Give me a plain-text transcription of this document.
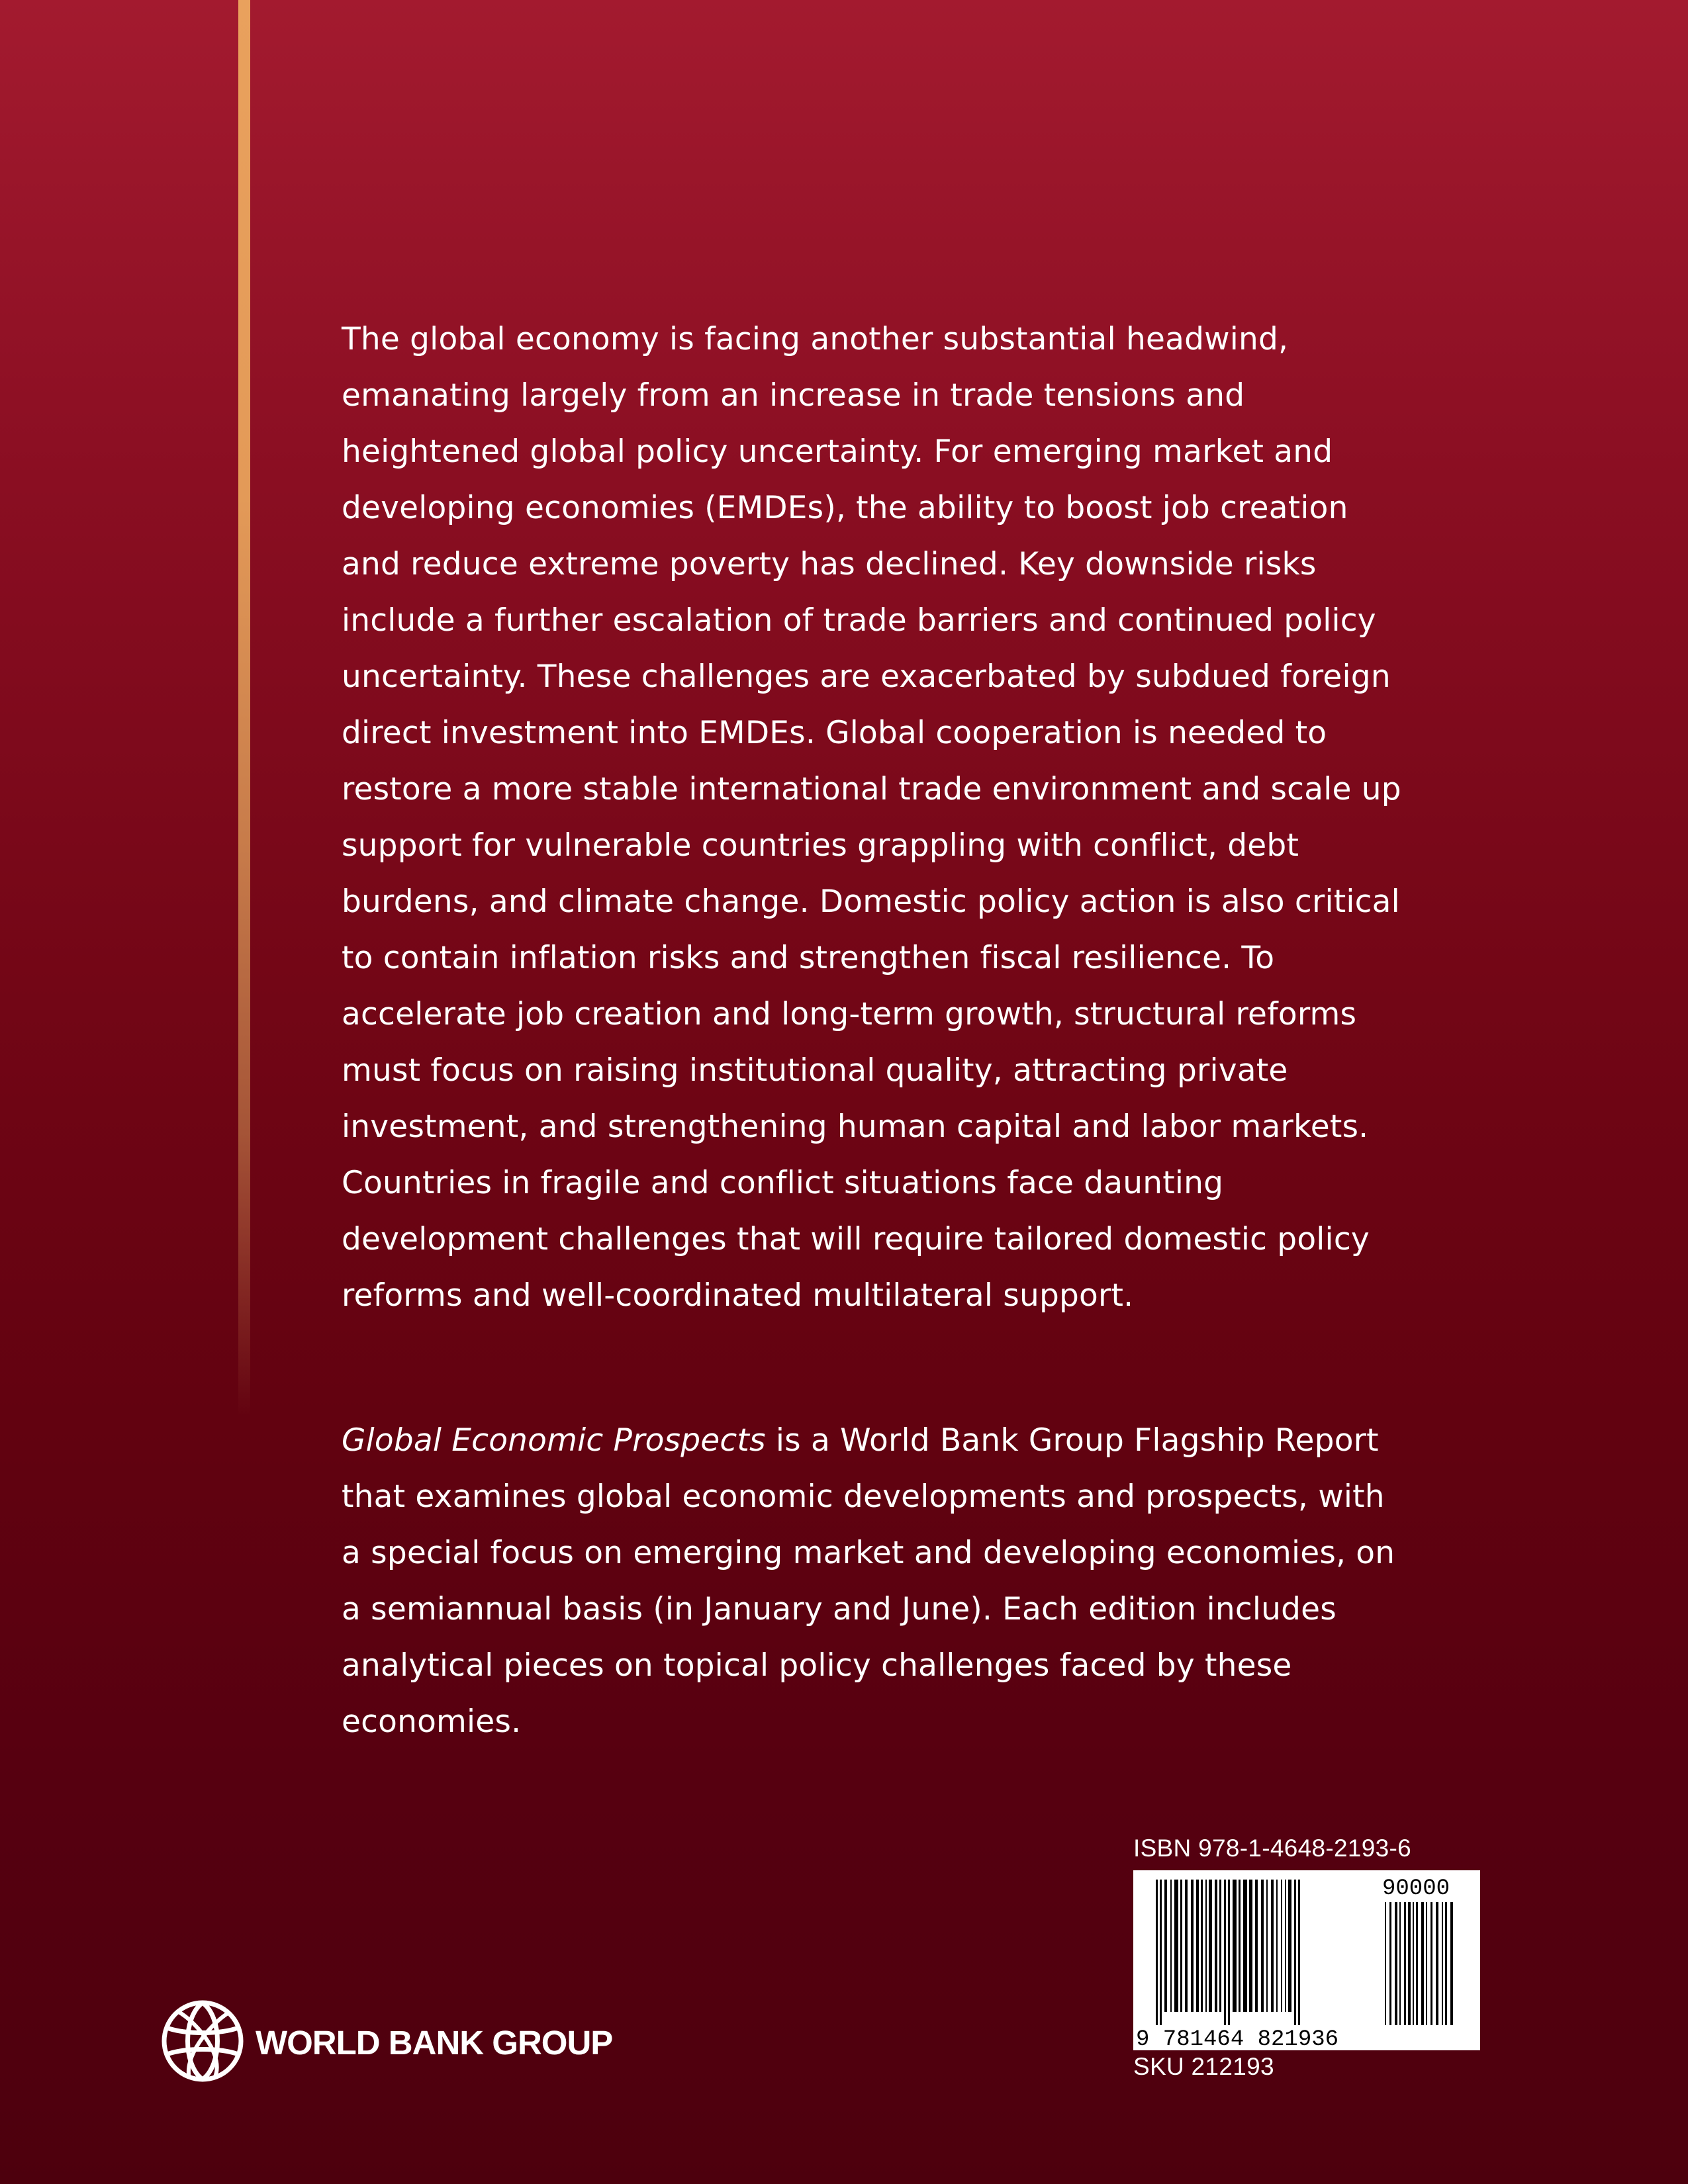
The global economy is facing another substantial headwind, emanating largely from an increase in trade tensions and heightened global policy uncertainty. For emerging market and developing economies (EMDEs), the ability to boost job creation and reduce extreme poverty has declined. Key downside risks include a further escalation of trade barriers and continued policy uncertainty. These challenges are exacerbated by subdued foreign direct investment into EMDEs. Global cooperation is needed to restore a more stable international trade environment and scale up support for vulnerable countries grappling with conflict, debt burdens, and climate change. Domestic policy action is also critical to contain inflation risks and strengthen fiscal resilience. To accelerate job creation and long-term growth, structural reforms must focus on raising institutional quality, attracting private investment, and strengthening human capital and labor markets. Countries in fragile and conflict situations face daunting development challenges that will require tailored domestic policy reforms and well-coordinated multilateral support.

Global Economic Prospects is a World Bank Group Flagship Report that examines global economic developments and prospects, with a special focus on emerging market and developing economies, on a semiannual basis (in January and June). Each edition includes analytical pieces on topical policy challenges faced by these economies.

ISBN 978-1-4648-2193-6
9 781464 821936
90000
SKU 212193
WORLD BANK GROUP
